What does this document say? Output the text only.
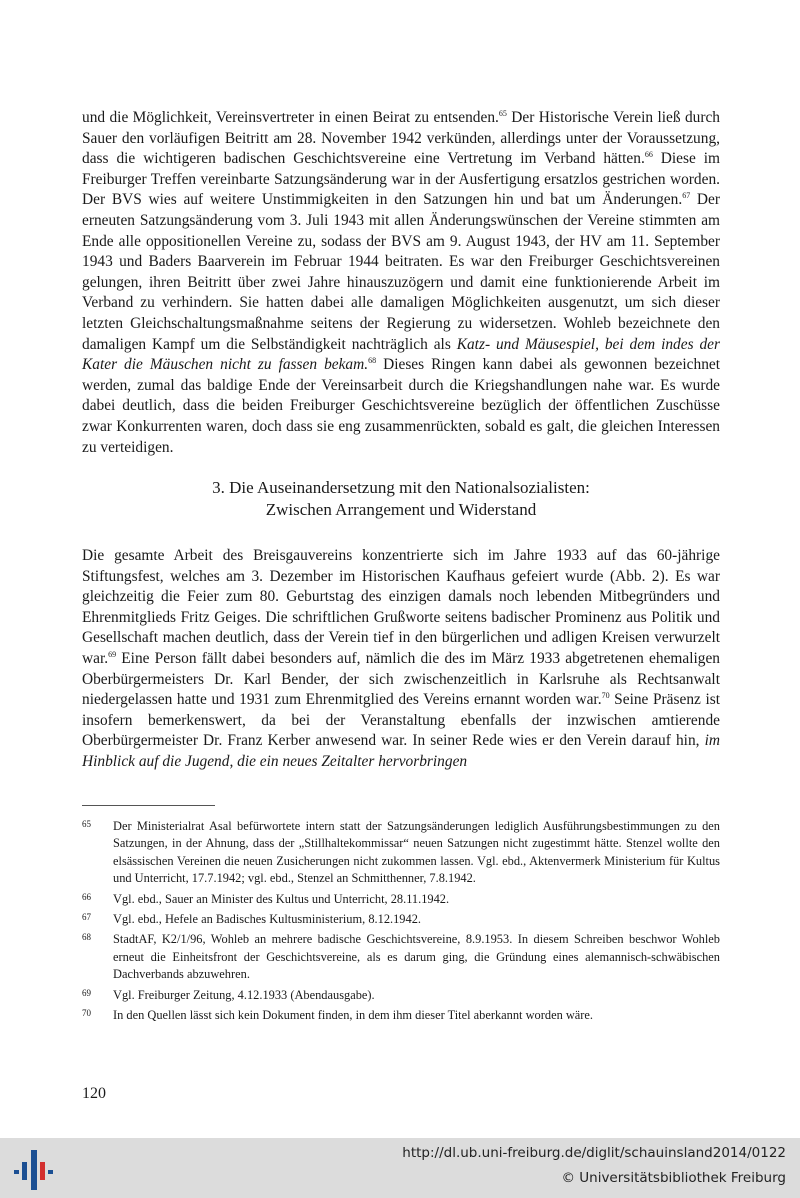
und die Möglichkeit, Vereinsvertreter in einen Beirat zu entsenden.$^{65}$ Der Historische Verein ließ durch Sauer den vorläufigen Beitritt am 28. November 1942 verkünden, allerdings unter der Voraussetzung, dass die wichtigeren badischen Geschichtsvereine eine Vertretung im Verband hätten.$^{66}$ Diese im Freiburger Treffen vereinbarte Satzungsänderung war in der Ausfertigung ersatzlos gestrichen worden. Der BVS wies auf weitere Unstimmigkeiten in den Satzungen hin und bat um Änderungen.$^{67}$ Der erneuten Satzungsänderung vom 3. Juli 1943 mit allen Änderungswünschen der Vereine stimmten am Ende alle oppositionellen Vereine zu, sodass der BVS am 9. August 1943, der HV am 11. September 1943 und Baders Baarverein im Februar 1944 beitraten. Es war den Freiburger Geschichtsvereinen gelungen, ihren Beitritt über zwei Jahre hinauszuzögern und damit eine funktionierende Arbeit im Verband zu verhindern. Sie hatten dabei alle damaligen Möglichkeiten ausgenutzt, um sich dieser letzten Gleichschaltungsmaßnahme seitens der Regierung zu widersetzen. Wohleb bezeichnete den damaligen Kampf um die Selbständigkeit nachträglich als Katz- und Mäusespiel, bei dem indes der Kater die Mäuschen nicht zu fassen bekam.$^{68}$ Dieses Ringen kann dabei als gewonnen bezeichnet werden, zumal das baldige Ende der Vereinsarbeit durch die Kriegshandlungen nahe war. Es wurde dabei deutlich, dass die beiden Freiburger Geschichtsvereine bezüglich der öffentlichen Zuschüsse zwar Konkurrenten waren, doch dass sie eng zusammenrückten, sobald es galt, die gleichen Interessen zu verteidigen.

3. Die Auseinandersetzung mit den Nationalsozialisten:
Zwischen Arrangement und Widerstand

Die gesamte Arbeit des Breisgauvereins konzentrierte sich im Jahre 1933 auf das 60-jährige Stiftungsfest, welches am 3. Dezember im Historischen Kaufhaus gefeiert wurde (Abb. 2). Es war gleichzeitig die Feier zum 80. Geburtstag des einzigen damals noch lebenden Mitbegründers und Ehrenmitglieds Fritz Geiges. Die schriftlichen Grußworte seitens badischer Prominenz aus Politik und Gesellschaft machen deutlich, dass der Verein tief in den bürgerlichen und adligen Kreisen verwurzelt war.$^{69}$ Eine Person fällt dabei besonders auf, nämlich die des im März 1933 abgetretenen ehemaligen Oberbürgermeisters Dr. Karl Bender, der sich zwischenzeitlich in Karlsruhe als Rechtsanwalt niedergelassen hatte und 1931 zum Ehrenmitglied des Vereins ernannt worden war.$^{70}$ Seine Präsenz ist insofern bemerkenswert, da bei der Veranstaltung ebenfalls der inzwischen amtierende Oberbürgermeister Dr. Franz Kerber anwesend war. In seiner Rede wies er den Verein darauf hin, im Hinblick auf die Jugend, die ein neues Zeitalter hervorbringen

65 Der Ministerialrat Asal befürwortete intern statt der Satzungsänderungen lediglich Ausführungsbestimmungen zu den Satzungen, in der Ahnung, dass der „Stillhaltekommissar“ neuen Satzungen nicht zugestimmt hätte. Stenzel wollte den elsässischen Vereinen die neuen Zusicherungen nicht zukommen lassen. Vgl. ebd., Aktenvermerk Ministerium für Kultus und Unterricht, 17.7.1942; vgl. ebd., Stenzel an Schmitthenner, 7.8.1942.
66 Vgl. ebd., Sauer an Minister des Kultus und Unterricht, 28.11.1942.
67 Vgl. ebd., Hefele an Badisches Kultusministerium, 8.12.1942.
68 StadtAF, K2/1/96, Wohleb an mehrere badische Geschichtsvereine, 8.9.1953. In diesem Schreiben beschwor Wohleb erneut die Einheitsfront der Geschichtsvereine, als es darum ging, die Gründung eines alemannisch-schwäbischen Dachverbands abzuwehren.
69 Vgl. Freiburger Zeitung, 4.12.1933 (Abendausgabe).
70 In den Quellen lässt sich kein Dokument finden, in dem ihm dieser Titel aberkannt worden wäre.
120
http://dl.ub.uni-freiburg.de/diglit/schauinsland2014/0122
© Universitätsbibliothek Freiburg
